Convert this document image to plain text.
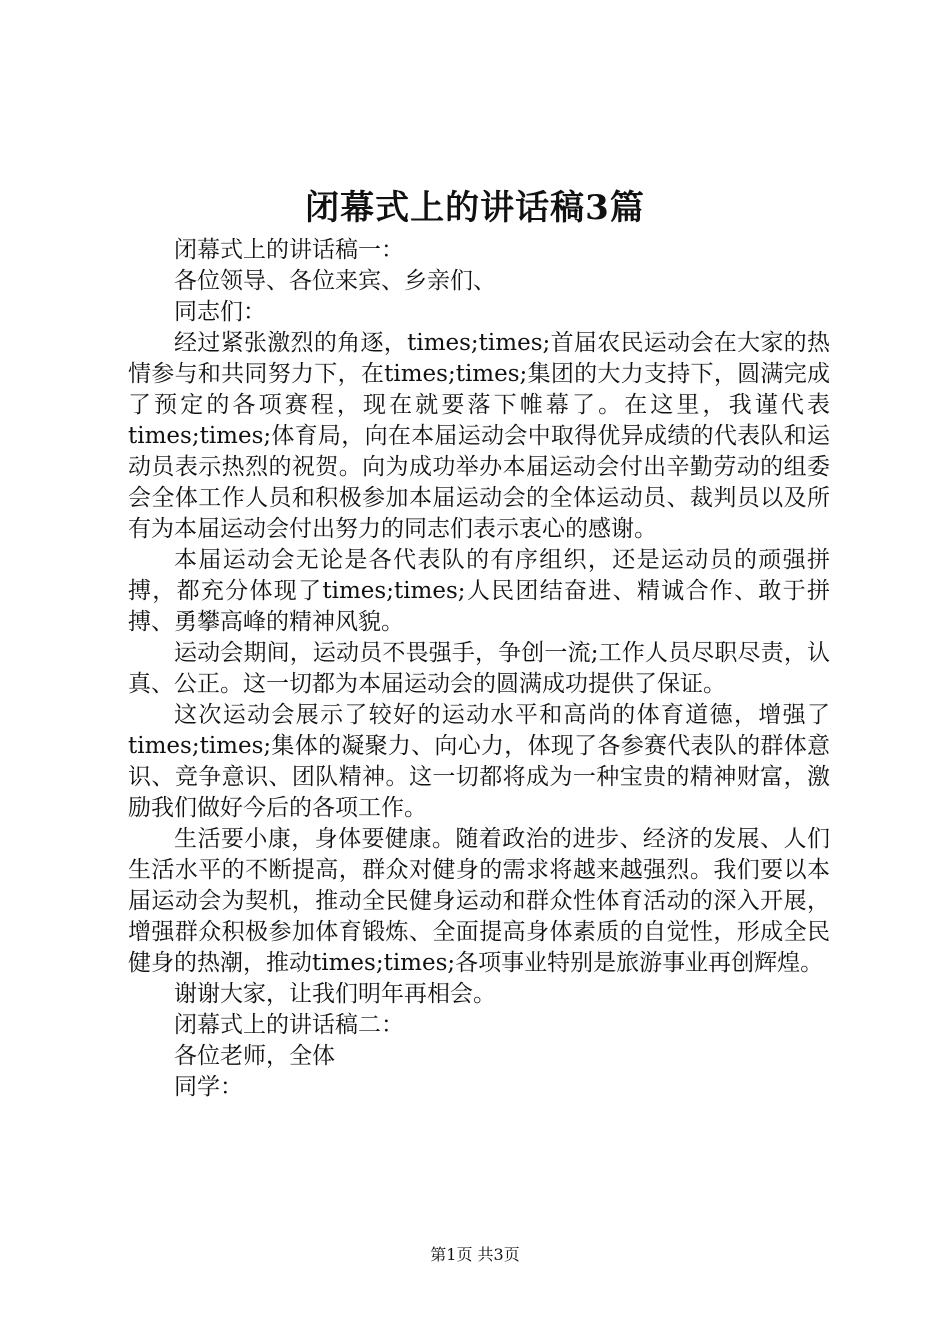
闭幕式上的讲话稿3篇

闭幕式上的讲话稿一：

各位领导、各位来宾、乡亲们、

同志们：

经过紧张激烈的角逐，times;times;首届农民运动会在大家的热情参与和共同努力下，在times;times;集团的大力支持下，圆满完成了预定的各项赛程，现在就要落下帷幕了。在这里，我谨代表times;times;体育局，向在本届运动会中取得优异成绩的代表队和运动员表示热烈的祝贺。向为成功举办本届运动会付出辛勤劳动的组委会全体工作人员和积极参加本届运动会的全体运动员、裁判员以及所有为本届运动会付出努力的同志们表示衷心的感谢。

本届运动会无论是各代表队的有序组织，还是运动员的顽强拼搏，都充分体现了times;times;人民团结奋进、精诚合作、敢于拼搏、勇攀高峰的精神风貌。

运动会期间，运动员不畏强手，争创一流;工作人员尽职尽责，认真、公正。这一切都为本届运动会的圆满成功提供了保证。

这次运动会展示了较好的运动水平和高尚的体育道德，增强了times;times;集体的凝聚力、向心力，体现了各参赛代表队的群体意识、竞争意识、团队精神。这一切都将成为一种宝贵的精神财富，激励我们做好今后的各项工作。

生活要小康，身体要健康。随着政治的进步、经济的发展、人们生活水平的不断提高，群众对健身的需求将越来越强烈。我们要以本届运动会为契机，推动全民健身运动和群众性体育活动的深入开展，增强群众积极参加体育锻炼、全面提高身体素质的自觉性，形成全民健身的热潮，推动times;times;各项事业特别是旅游事业再创辉煌。

谢谢大家，让我们明年再相会。

闭幕式上的讲话稿二：

各位老师，全体

同学：

第1页 共3页
